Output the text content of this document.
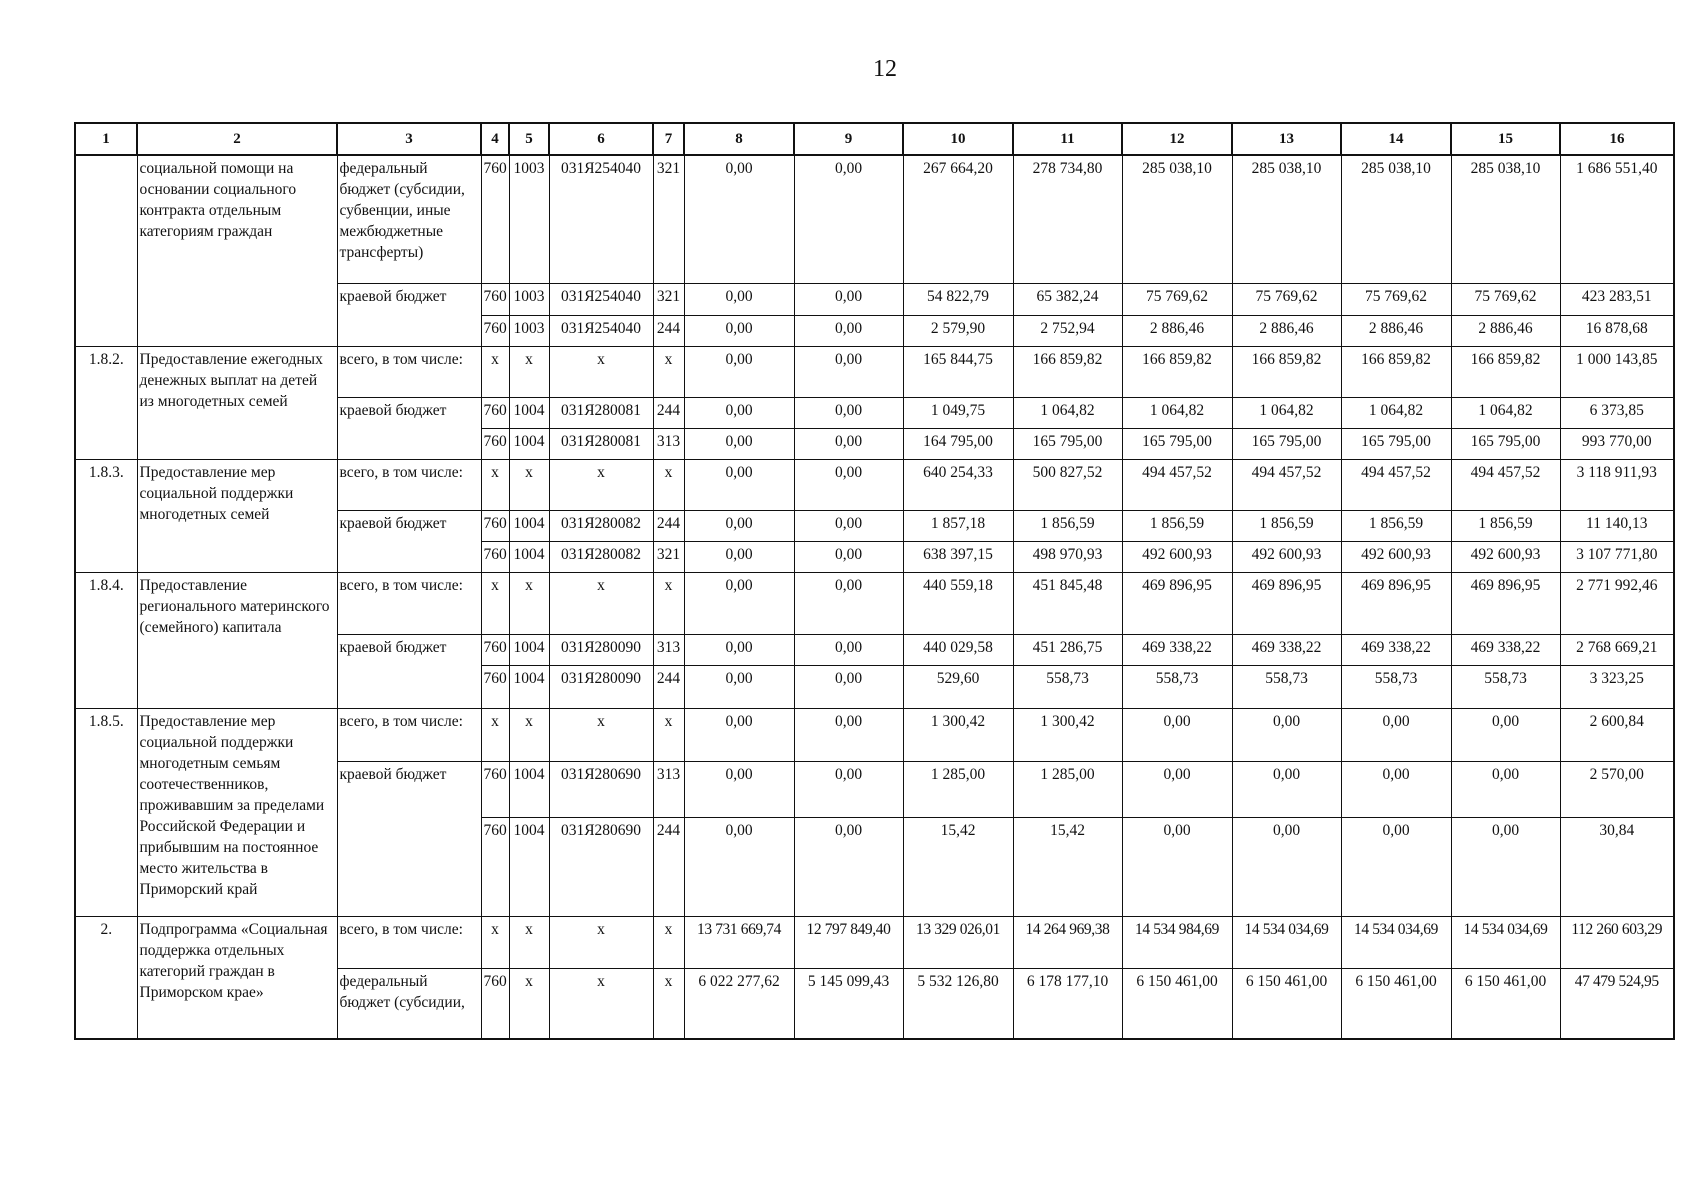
12
1	2	3	4	5	6	7	8	9	10	11	12	13	14	15	16
	социальной помощи на основании социального контракта отдельным категориям граждан	федеральный бюджет (субсидии, субвенции, иные межбюджетные трансферты)	760	1003	031Я254040	321	0,00	0,00	267 664,20	278 734,80	285 038,10	285 038,10	285 038,10	285 038,10	1 686 551,40
		краевой бюджет	760	1003	031Я254040	321	0,00	0,00	54 822,79	65 382,24	75 769,62	75 769,62	75 769,62	75 769,62	423 283,51
			760	1003	031Я254040	244	0,00	0,00	2 579,90	2 752,94	2 886,46	2 886,46	2 886,46	2 886,46	16 878,68
1.8.2.	Предоставление ежегодных денежных выплат на детей из многодетных семей	всего, в том числе:	x	x	x	x	0,00	0,00	165 844,75	166 859,82	166 859,82	166 859,82	166 859,82	166 859,82	1 000 143,85
		краевой бюджет	760	1004	031Я280081	244	0,00	0,00	1 049,75	1 064,82	1 064,82	1 064,82	1 064,82	1 064,82	6 373,85
			760	1004	031Я280081	313	0,00	0,00	164 795,00	165 795,00	165 795,00	165 795,00	165 795,00	165 795,00	993 770,00
1.8.3.	Предоставление мер социальной поддержки многодетных семей	всего, в том числе:	x	x	x	x	0,00	0,00	640 254,33	500 827,52	494 457,52	494 457,52	494 457,52	494 457,52	3 118 911,93
		краевой бюджет	760	1004	031Я280082	244	0,00	0,00	1 857,18	1 856,59	1 856,59	1 856,59	1 856,59	1 856,59	11 140,13
			760	1004	031Я280082	321	0,00	0,00	638 397,15	498 970,93	492 600,93	492 600,93	492 600,93	492 600,93	3 107 771,80
1.8.4.	Предоставление регионального материнского (семейного) капитала	всего, в том числе:	x	x	x	x	0,00	0,00	440 559,18	451 845,48	469 896,95	469 896,95	469 896,95	469 896,95	2 771 992,46
		краевой бюджет	760	1004	031Я280090	313	0,00	0,00	440 029,58	451 286,75	469 338,22	469 338,22	469 338,22	469 338,22	2 768 669,21
			760	1004	031Я280090	244	0,00	0,00	529,60	558,73	558,73	558,73	558,73	558,73	3 323,25
1.8.5.	Предоставление мер социальной поддержки многодетным семьям соотечественников, проживавшим за пределами Российской Федерации и прибывшим на постоянное место жительства в Приморский край	всего, в том числе:	x	x	x	x	0,00	0,00	1 300,42	1 300,42	0,00	0,00	0,00	0,00	2 600,84
		краевой бюджет	760	1004	031Я280690	313	0,00	0,00	1 285,00	1 285,00	0,00	0,00	0,00	0,00	2 570,00
			760	1004	031Я280690	244	0,00	0,00	15,42	15,42	0,00	0,00	0,00	0,00	30,84
2.	Подпрограмма «Социальная поддержка отдельных категорий граждан в Приморском крае»	всего, в том числе:	x	x	x	x	13 731 669,74	12 797 849,40	13 329 026,01	14 264 969,38	14 534 984,69	14 534 034,69	14 534 034,69	14 534 034,69	112 260 603,29
		федеральный бюджет (субсидии,	760	x	x	x	6 022 277,62	5 145 099,43	5 532 126,80	6 178 177,10	6 150 461,00	6 150 461,00	6 150 461,00	6 150 461,00	47 479 524,95
